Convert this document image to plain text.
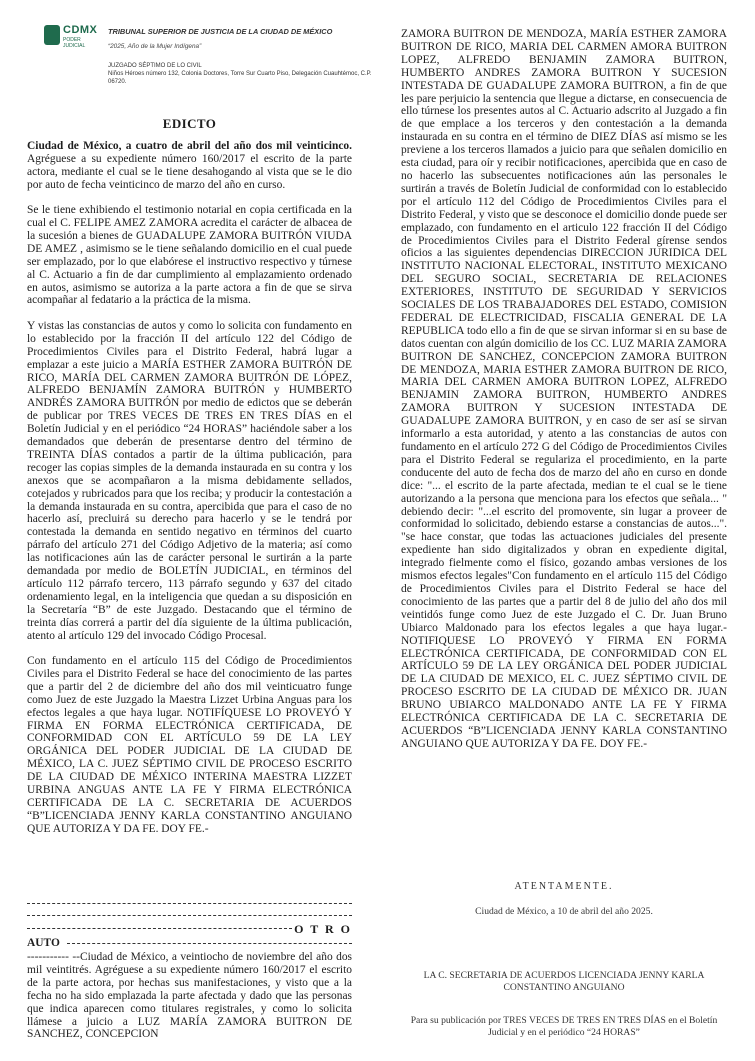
CDMX
PODER JUDICIAL
TRIBUNAL SUPERIOR DE JUSTICIA DE LA CIUDAD DE MÉXICO
“2025, Año de la Mujer Indígena”
JUZGADO SÉPTIMO DE LO CIVIL
Niños Héroes número 132, Colonia Doctores, Torre Sur Cuarto Piso, Delegación Cuauhtémoc, C.P. 06720.
EDICTO

Ciudad de México, a cuatro de abril del año dos mil veinticinco. Agréguese a su expediente número 160/2017 el escrito de la parte actora, mediante el cual se le tiene desahogando al vista que se le dio por auto de fecha veinticinco de marzo del año en curso.

Se le tiene exhibiendo el testimonio notarial en copia certificada en la cual el C. FELIPE AMEZ ZAMORA acredita el carácter de albacea de la sucesión a bienes de GUADALUPE ZAMORA BUITRÓN VIUDA DE AMEZ , asimismo se le tiene señalando domicilio en el cual puede ser emplazado, por lo que elabórese el instructivo respectivo y túrnese al C. Actuario a fin de dar cumplimiento al emplazamiento ordenado en autos, asimismo se autoriza a la parte actora a fin de que se sirva acompañar al fedatario a la práctica de la misma.

Y vistas las constancias de autos y como lo solicita con fundamento en lo establecido por la fracción II del artículo 122 del Código de Procedimientos Civiles para el Distrito Federal, habrá lugar a emplazar a este juicio a MARÍA ESTHER ZAMORA BUITRÓN DE RICO, MARÍA DEL CARMEN ZAMORA BUITRÓN DE LÓPEZ, ALFREDO BENJAMÍN ZAMORA BUITRÓN y HUMBERTO ANDRÉS ZAMORA BUITRÓN por medio de edictos que se deberán de publicar por TRES VECES DE TRES EN TRES DÍAS en el Boletín Judicial y en el periódico “24 HORAS” haciéndole saber a los demandados que deberán de presentarse dentro del término de TREINTA DÍAS contados a partir de la última publicación, para recoger las copias simples de la demanda instaurada en su contra y los anexos que se acompañaron a la misma debidamente sellados, cotejados y rubricados para que los reciba; y producir la contestación a la demanda instaurada en su contra, apercibida que para el caso de no hacerlo así, precluirá su derecho para hacerlo y se le tendrá por contestada la demanda en sentido negativo en términos del cuarto párrafo del artículo 271 del Código Adjetivo de la materia; así como las notificaciones aún las de carácter personal le surtirán a la parte demandada por medio de BOLETÍN JUDICIAL, en términos del artículo 112 párrafo tercero, 113 párrafo segundo y 637 del citado ordenamiento legal, en la inteligencia que quedan a su disposición en la Secretaría “B” de este Juzgado. Destacando que el término de treinta días correrá a partir del día siguiente de la última publicación, atento al artículo 129 del invocado Código Procesal.

Con fundamento en el artículo 115 del Código de Procedimientos Civiles para el Distrito Federal se hace del conocimiento de las partes que a partir del 2 de diciembre del año dos mil veinticuatro funge como Juez de este Juzgado la Maestra Lizzet Urbina Anguas para los efectos legales a que haya lugar. NOTIFÍQUESE LO PROVEYÓ Y FIRMA EN FORMA ELECTRÓNICA CERTIFICADA, DE CONFORMIDAD CON EL ARTÍCULO 59 DE LA LEY ORGÁNICA DEL PODER JUDICIAL DE LA CIUDAD DE MÉXICO, LA C. JUEZ SÉPTIMO CIVIL DE PROCESO ESCRITO DE LA CIUDAD DE MÉXICO INTERINA MAESTRA LIZZET URBINA ANGUAS ANTE LA FE Y FIRMA ELECTRÓNICA CERTIFICADA DE LA C. SECRETARIA DE ACUERDOS “B”LICENCIADA JENNY KARLA CONSTANTINO ANGUIANO QUE AUTORIZA Y DA FE. DOY FE.-

O T R O
AUTO

----------- --Ciudad de México, a veintiocho de noviembre del año dos mil veintitrés. Agréguese a su expediente número 160/2017 el escrito de la parte actora, por hechas sus manifestaciones, y visto que a la fecha no ha sido emplazada la parte afectada y dado que las personas que indica aparecen como titulares registrales, y como lo solicita llámese a juicio a LUZ MARÍA ZAMORA BUITRON DE SANCHEZ, CONCEPCION

ZAMORA BUITRON DE MENDOZA, MARÍA ESTHER ZAMORA BUITRON DE RICO, MARIA DEL CARMEN AMORA BUITRON LOPEZ, ALFREDO BENJAMIN ZAMORA BUITRON, HUMBERTO ANDRES ZAMORA BUITRON Y SUCESION INTESTADA DE GUADALUPE ZAMORA BUITRON, a fin de que les pare perjuicio la sentencia que llegue a dictarse, en consecuencia de ello túrnese los presentes autos al C. Actuario adscrito al Juzgado a fin de que emplace a los terceros y den contestación a la demanda instaurada en su contra en el término de DIEZ DÍAS así mismo se les previene a los terceros llamados a juicio para que señalen domicilio en esta ciudad, para oír y recibir notificaciones, apercibida que en caso de no hacerlo las subsecuentes notificaciones aún las personales le surtirán a través de Boletín Judicial de conformidad con lo establecido por el artículo 112 del Código de Procedimientos Civiles para el Distrito Federal, y visto que se desconoce el domicilio donde puede ser emplazado, con fundamento en el articulo 122 fracción II del Código de Procedimientos Civiles para el Distrito Federal gírense sendos oficios a las siguientes dependencias DIRECCION JURIDICA DEL INSTITUTO NACIONAL ELECTORAL, INSTITUTO MEXICANO DEL SEGURO SOCIAL, SECRETARIA DE RELACIONES EXTERIORES, INSTITUTO DE SEGURIDAD Y SERVICIOS SOCIALES DE LOS TRABAJADORES DEL ESTADO, COMISION FEDERAL DE ELECTRICIDAD, FISCALIA GENERAL DE LA REPUBLICA todo ello a fin de que se sirvan informar si en su base de datos cuentan con algún domicilio de los CC. LUZ MARIA ZAMORA BUITRON DE SANCHEZ, CONCEPCION ZAMORA BUITRON DE MENDOZA, MARIA ESTHER ZAMORA BUITRON DE RICO, MARIA DEL CARMEN AMORA BUITRON LOPEZ, ALFREDO BENJAMIN ZAMORA BUITRON, HUMBERTO ANDRES ZAMORA BUITRON Y SUCESION INTESTADA DE GUADALUPE ZAMORA BUITRON, y en caso de ser así se sirvan informarlo a esta autoridad, y atento a las constancias de autos con fundamento en el artículo 272 G del Código de Procedimientos Civiles para el Distrito Federal se regulariza el procedimiento, en la parte conducente del auto de fecha dos de marzo del año en curso en donde dice: "... el escrito de la parte afectada, median te el cual se le tiene autorizando a la persona que menciona para los efectos que señala... " debiendo decir: "...el escrito del promovente, sin lugar a proveer de conformidad lo solicitado, debiendo estarse a constancias de autos...". "se hace constar, que todas las actuaciones judiciales del presente expediente han sido digitalizados y obran en expediente digital, integrado fielmente como el físico, gozando ambas versiones de los mismos efectos legales"Con fundamento en el artículo 115 del Código de Procedimientos Civiles para el Distrito Federal se hace del conocimiento de las partes que a partir del 8 de julio del año dos mil veintidós funge como Juez de este Juzgado el C. Dr. Juan Bruno Ubiarco Maldonado para los efectos legales a que haya lugar.-NOTIFIQUESE LO PROVEYÓ Y FIRMA EN FORMA ELECTRÓNICA CERTIFICADA, DE CONFORMIDAD CON EL ARTÍCULO 59 DE LA LEY ORGÁNICA DEL PODER JUDICIAL DE LA CIUDAD DE MEXICO, EL C. JUEZ SÉPTIMO CIVIL DE PROCESO ESCRITO DE LA CIUDAD DE MÉXICO DR. JUAN BRUNO UBIARCO MALDONADO ANTE LA FE Y FIRMA ELECTRÓNICA CERTIFICADA DE LA C. SECRETARIA DE ACUERDOS “B”LICENCIADA JENNY KARLA CONSTANTINO ANGUIANO QUE AUTORIZA Y DA FE. DOY FE.-

ATENTAMENTE.
Ciudad de México, a 10 de abril del año 2025.
LA C. SECRETARIA DE ACUERDOS LICENCIADA JENNY KARLA CONSTANTINO ANGUIANO
Para su publicación por TRES VECES DE TRES EN TRES DÍAS en el Boletín Judicial y en el periódico “24 HORAS”
